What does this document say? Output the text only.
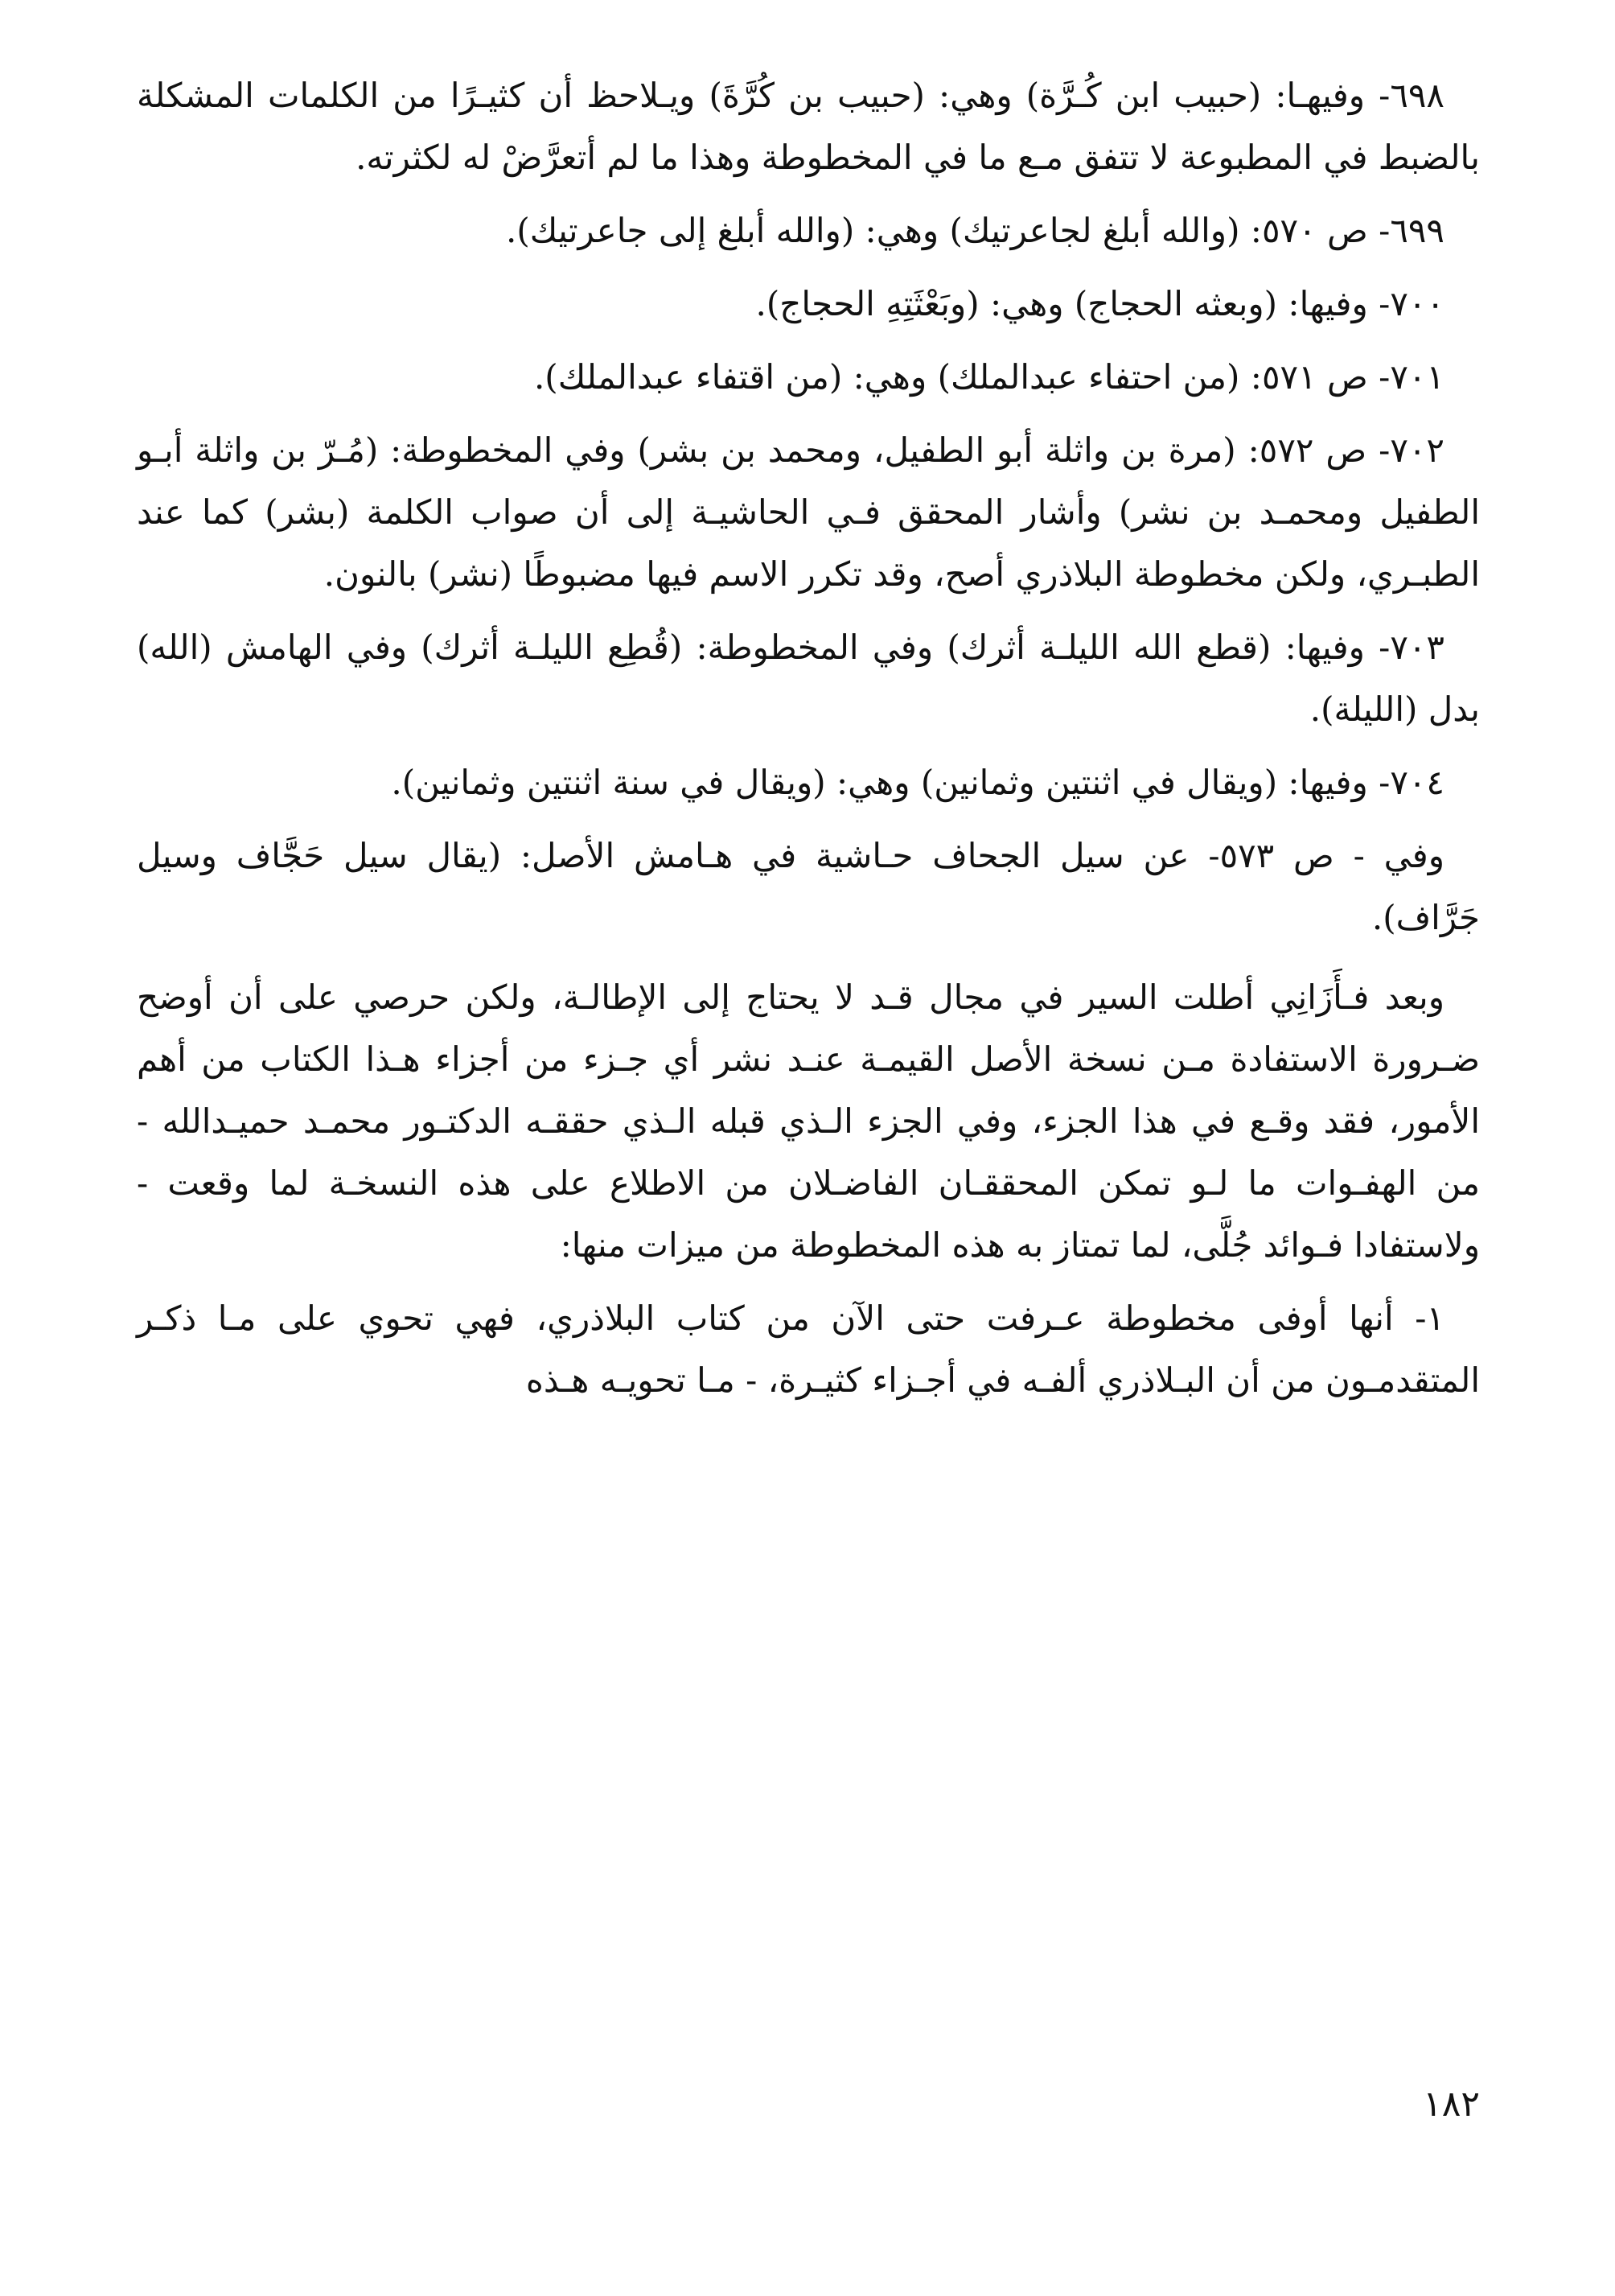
٦٩٨- وفيهـا: (حبيب ابن كُـرَّة) وهي: (حبيب بن كُرَّةَ) ويـلاحظ أن كثيـرًا من الكلمات المشكلة بالضبط في المطبوعة لا تتفق مـع ما في المخطوطة وهذا ما لم أتعرَّضْ له لكثرته.

٦٩٩- ص ٥٧٠: (والله أبلغ لجاعرتيك) وهي: (والله أبلغ إلى جاعرتيك).

٧٠٠- وفيها: (وبعثه الحجاج) وهي: (وبَعْثَتِهِ الحجاج).

٧٠١- ص ٥٧١: (من احتفاء عبدالملك) وهي: (من اقتفاء عبدالملك).

٧٠٢- ص ٥٧٢: (مرة بن واثلة أبو الطفيل، ومحمد بن بشر) وفي المخطوطة: (مُـرّ بن واثلة أبـو الطفيل ومحمـد بن نشر) وأشار المحقق فـي الحاشيـة إلى أن صواب الكلمة (بشر) كما عند الطبـري، ولكن مخطوطة البلاذري أصح، وقد تكرر الاسم فيها مضبوطًا (نشر) بالنون.

٧٠٣- وفيها: (قطع الله الليلـة أثرك) وفي المخطوطة: (قُطِع الليلـة أثرك) وفي الهامش (الله) بدل (الليلة).

٧٠٤- وفيها: (ويقال في اثنتين وثمانين) وهي: (ويقال في سنة اثنتين وثمانين).

وفي - ص ٥٧٣- عن سيل الجحاف حـاشية في هـامش الأصل: (يقال سيل حَجَّاف وسيل جَرَّاف).

وبعد فـأَزَانِي أطلت السير في مجال قـد لا يحتاج إلى الإطالـة، ولكن حرصي على أن أوضح ضـرورة الاستفادة مـن نسخة الأصل القيمـة عنـد نشر أي جـزء من أجزاء هـذا الكتاب من أهم الأمور، فقد وقـع في هذا الجزء، وفي الجزء الـذي قبله الـذي حققـه الدكتـور محمـد حميـدالله - من الهفـوات ما لـو تمكن المحققـان الفاضـلان من الاطلاع على هذه النسخـة لما وقعت - ولاستفادا فـوائد جُلَّى، لما تمتاز به هذه المخطوطة من ميزات منها:

١- أنها أوفى مخطوطة عـرفت حتى الآن من كتاب البلاذري، فهي تحوي على مـا ذكـر المتقدمـون من أن البـلاذري ألفـه في أجـزاء كثيـرة، - مـا تحويـه هـذه

١٨٢
